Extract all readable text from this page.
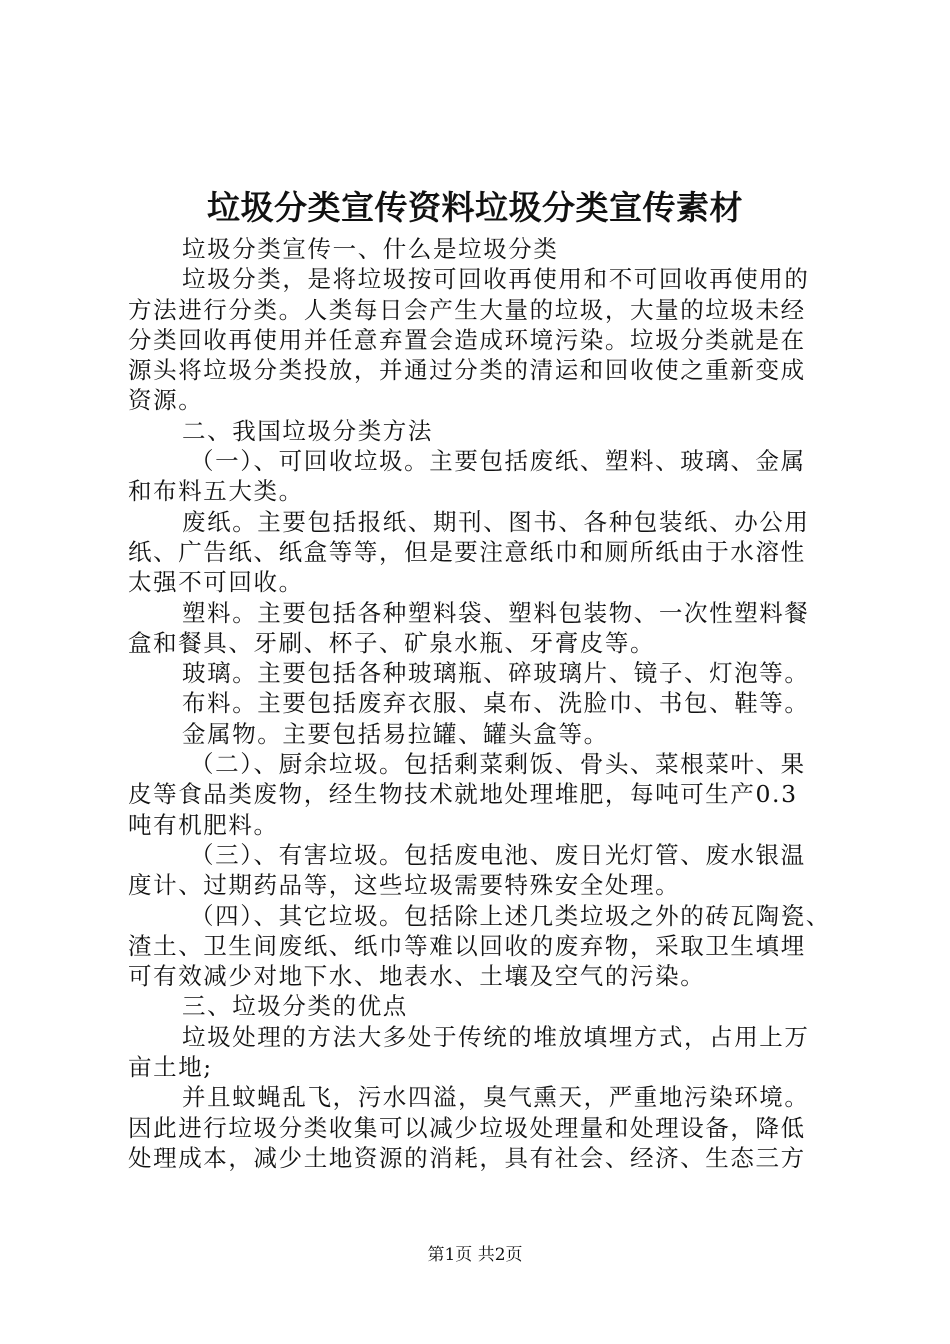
垃圾分类宣传资料垃圾分类宣传素材
垃圾分类宣传一、什么是垃圾分类
垃圾分类，是将垃圾按可回收再使用和不可回收再使用的
方法进行分类。人类每日会产生大量的垃圾，大量的垃圾未经
分类回收再使用并任意弃置会造成环境污染。垃圾分类就是在
源头将垃圾分类投放，并通过分类的清运和回收使之重新变成
资源。
二、我国垃圾分类方法
（一）、可回收垃圾。主要包括废纸、塑料、玻璃、金属
和布料五大类。
废纸。主要包括报纸、期刊、图书、各种包装纸、办公用
纸、广告纸、纸盒等等，但是要注意纸巾和厕所纸由于水溶性
太强不可回收。
塑料。主要包括各种塑料袋、塑料包装物、一次性塑料餐
盒和餐具、牙刷、杯子、矿泉水瓶、牙膏皮等。
玻璃。主要包括各种玻璃瓶、碎玻璃片、镜子、灯泡等。
布料。主要包括废弃衣服、桌布、洗脸巾、书包、鞋等。
金属物。主要包括易拉罐、罐头盒等。
（二）、厨余垃圾。包括剩菜剩饭、骨头、菜根菜叶、果
皮等食品类废物，经生物技术就地处理堆肥，每吨可生产0.3
吨有机肥料。
（三）、有害垃圾。包括废电池、废日光灯管、废水银温
度计、过期药品等，这些垃圾需要特殊安全处理。
（四）、其它垃圾。包括除上述几类垃圾之外的砖瓦陶瓷、
渣土、卫生间废纸、纸巾等难以回收的废弃物，采取卫生填埋
可有效减少对地下水、地表水、土壤及空气的污染。
三、垃圾分类的优点
垃圾处理的方法大多处于传统的堆放填埋方式，占用上万
亩土地;
并且蚊蝇乱飞，污水四溢，臭气熏天，严重地污染环境。
因此进行垃圾分类收集可以减少垃圾处理量和处理设备，降低
处理成本，减少土地资源的消耗，具有社会、经济、生态三方
第1页 共2页
